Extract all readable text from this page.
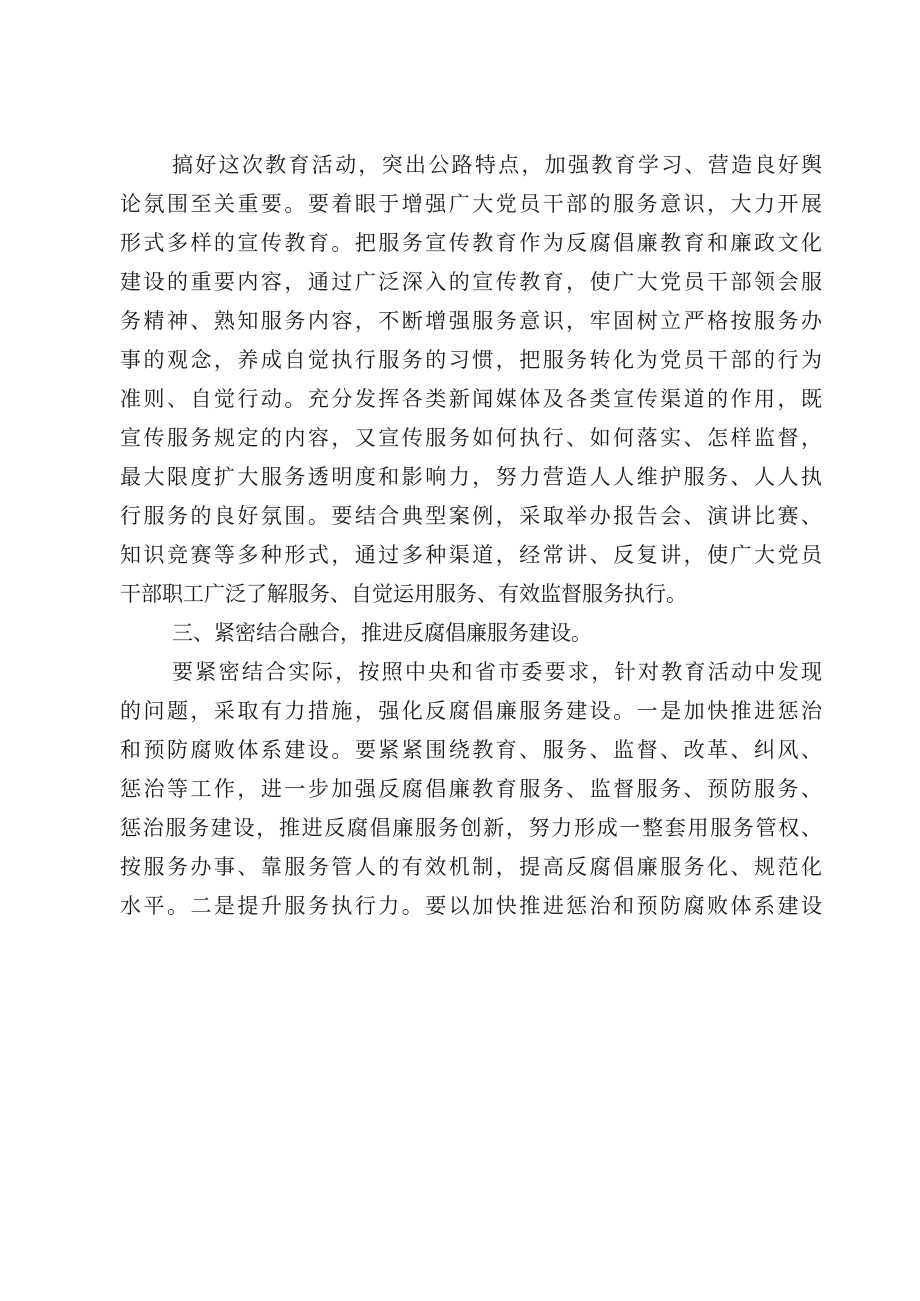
搞好这次教育活动，突出公路特点，加强教育学习、营造良好舆
论氛围至关重要。要着眼于增强广大党员干部的服务意识，大力开展
形式多样的宣传教育。把服务宣传教育作为反腐倡廉教育和廉政文化
建设的重要内容，通过广泛深入的宣传教育，使广大党员干部领会服
务精神、熟知服务内容，不断增强服务意识，牢固树立严格按服务办
事的观念，养成自觉执行服务的习惯，把服务转化为党员干部的行为
准则、自觉行动。充分发挥各类新闻媒体及各类宣传渠道的作用，既
宣传服务规定的内容，又宣传服务如何执行、如何落实、怎样监督，
最大限度扩大服务透明度和影响力，努力营造人人维护服务、人人执
行服务的良好氛围。要结合典型案例，采取举办报告会、演讲比赛、
知识竞赛等多种形式，通过多种渠道，经常讲、反复讲，使广大党员
干部职工广泛了解服务、自觉运用服务、有效监督服务执行。
三、紧密结合融合，推进反腐倡廉服务建设。
要紧密结合实际，按照中央和省市委要求，针对教育活动中发现
的问题，采取有力措施，强化反腐倡廉服务建设。一是加快推进惩治
和预防腐败体系建设。要紧紧围绕教育、服务、监督、改革、纠风、
惩治等工作，进一步加强反腐倡廉教育服务、监督服务、预防服务、
惩治服务建设，推进反腐倡廉服务创新，努力形成一整套用服务管权、
按服务办事、靠服务管人的有效机制，提高反腐倡廉服务化、规范化
水平。二是提升服务执行力。要以加快推进惩治和预防腐败体系建设
